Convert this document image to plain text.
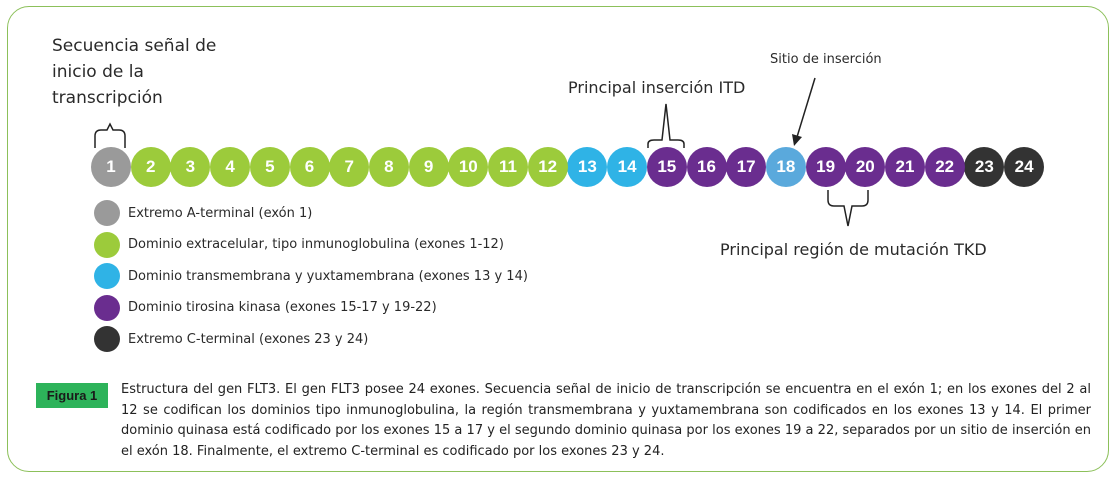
Secuencia señal de
inicio de la
transcripción
Principal inserción ITD
Sitio de inserción
Principal región de mutación TKD
1	2	3	4	5	6	7	8	9	10	11	12	13	14	15	16	17	18	19	20	21	22	23	24
Extremo A-terminal (exón 1)
Dominio extracelular, tipo inmunoglobulina (exones 1-12)
Dominio transmembrana y yuxtamembrana (exones 13 y 14)
Dominio tirosina kinasa (exones 15-17 y 19-22)
Extremo C-terminal (exones 23 y 24)
Figura 1	Estructura del gen FLT3. El gen FLT3 posee 24 exones. Secuencia señal de inicio de transcripción se encuentra en el exón 1; en los exones del 2 al 12 se codifican los dominios tipo inmunoglobulina, la región transmembrana y yuxtamembrana son codificados en los exones 13 y 14. El primer dominio quinasa está codificado por los exones 15 a 17 y el segundo dominio quinasa por los exones 19 a 22, separados por un sitio de inserción en el exón 18. Finalmente, el extremo C-terminal es codificado por los exones 23 y 24.
